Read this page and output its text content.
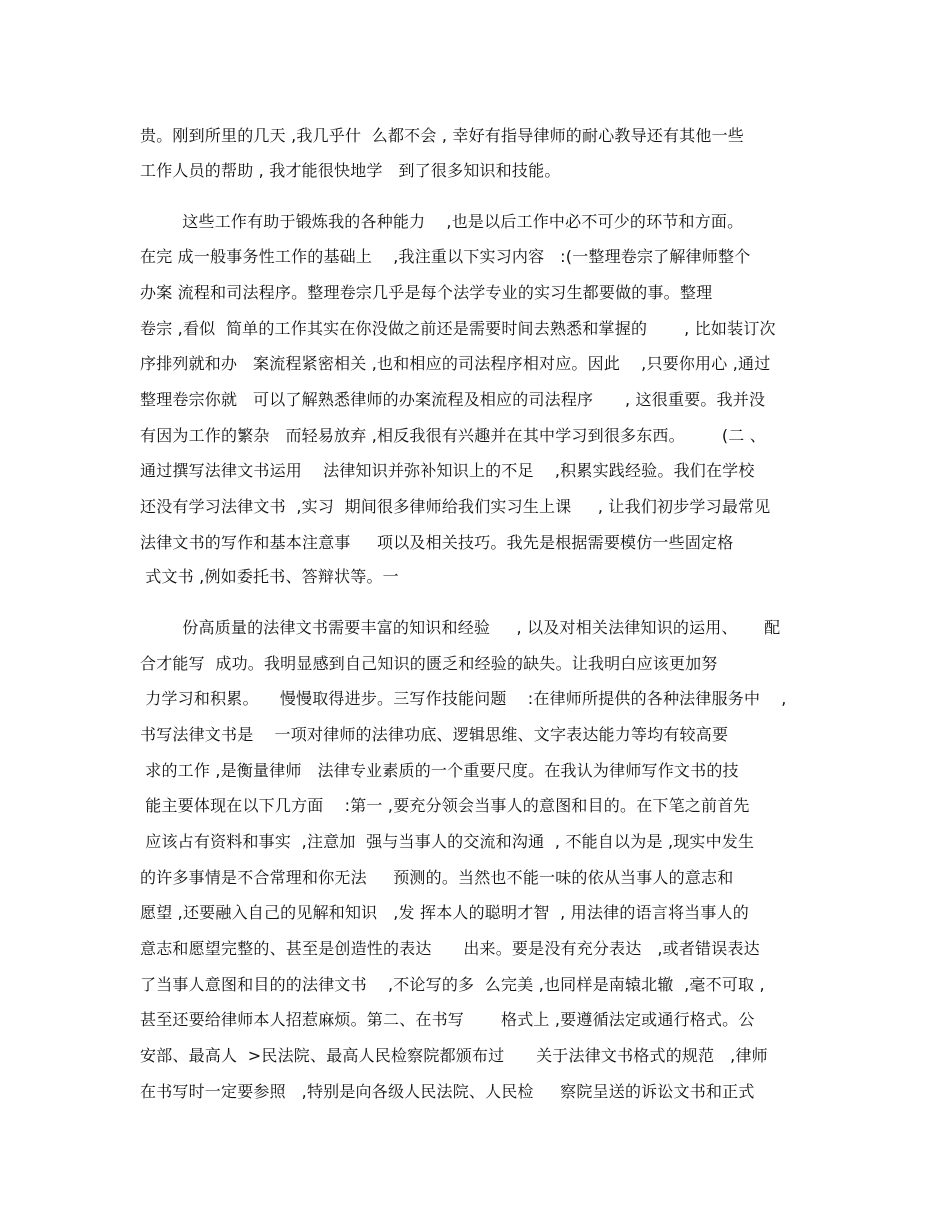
贵。刚到所里的几天 ,我几乎什  么都不会 , 幸好有指导律师的耐心教导还有其他一些
工作人员的帮助 , 我才能很快地学   到了很多知识和技能。
这些工作有助于锻炼我的各种能力    ,也是以后工作中必不可少的环节和方面。
在完 成一般事务性工作的基础上    ,我注重以下实习内容   :(一整理卷宗了解律师整个
办案 流程和司法程序。整理卷宗几乎是每个法学专业的实习生都要做的事。整理
卷宗 ,看似  简单的工作其实在你没做之前还是需要时间去熟悉和掌握的       , 比如装订次
序排列就和办   案流程紧密相关 ,也和相应的司法程序相对应。因此    ,只要你用心 ,通过
整理卷宗你就   可以了解熟悉律师的办案流程及相应的司法程序      , 这很重要。我并没
有因为工作的繁杂   而轻易放弃 ,相反我很有兴趣并在其中学习到很多东西。       (二 、
通过撰写法律文书运用    法律知识并弥补知识上的不足    ,积累实践经验。我们在学校
还没有学习法律文书  ,实习  期间很多律师给我们实习生上课     , 让我们初步学习最常见
法律文书的写作和基本注意事     项以及相关技巧。我先是根据需要模仿一些固定格
式文书 ,例如委托书、答辩状等。一
份高质量的法律文书需要丰富的知识和经验     , 以及对相关法律知识的运用、     配
合才能写  成功。我明显感到自己知识的匮乏和经验的缺失。让我明白应该更加努
力学习和积累。    慢慢取得进步。三写作技能问题    :在律师所提供的各种法律服务中    ,
书写法律文书是    一项对律师的法律功底、逻辑思维、文字表达能力等均有较高要
求的工作 ,是衡量律师   法律专业素质的一个重要尺度。在我认为律师写作文书的技
能主要体现在以下几方面    :第一 ,要充分领会当事人的意图和目的。在下笔之前首先
应该占有资料和事实  ,注意加  强与当事人的交流和沟通  , 不能自以为是 ,现实中发生
的许多事情是不合常理和你无法     预测的。当然也不能一味的依从当事人的意志和
愿望 ,还要融入自己的见解和知识   ,发 挥本人的聪明才智  , 用法律的语言将当事人的
意志和愿望完整的、甚至是创造性的表达      出来。要是没有充分表达   ,或者错误表达
了当事人意图和目的的法律文书    ,不论写的多  么完美 ,也同样是南辕北辙  ,毫不可取 ,
甚至还要给律师本人招惹麻烦。第二、在书写       格式上 ,要遵循法定或通行格式。公
安部、最高人  >民法院、最高人民检察院都颁布过      关于法律文书格式的规范   ,律师
在书写时一定要参照   ,特别是向各级人民法院、人民检     察院呈送的诉讼文书和正式
